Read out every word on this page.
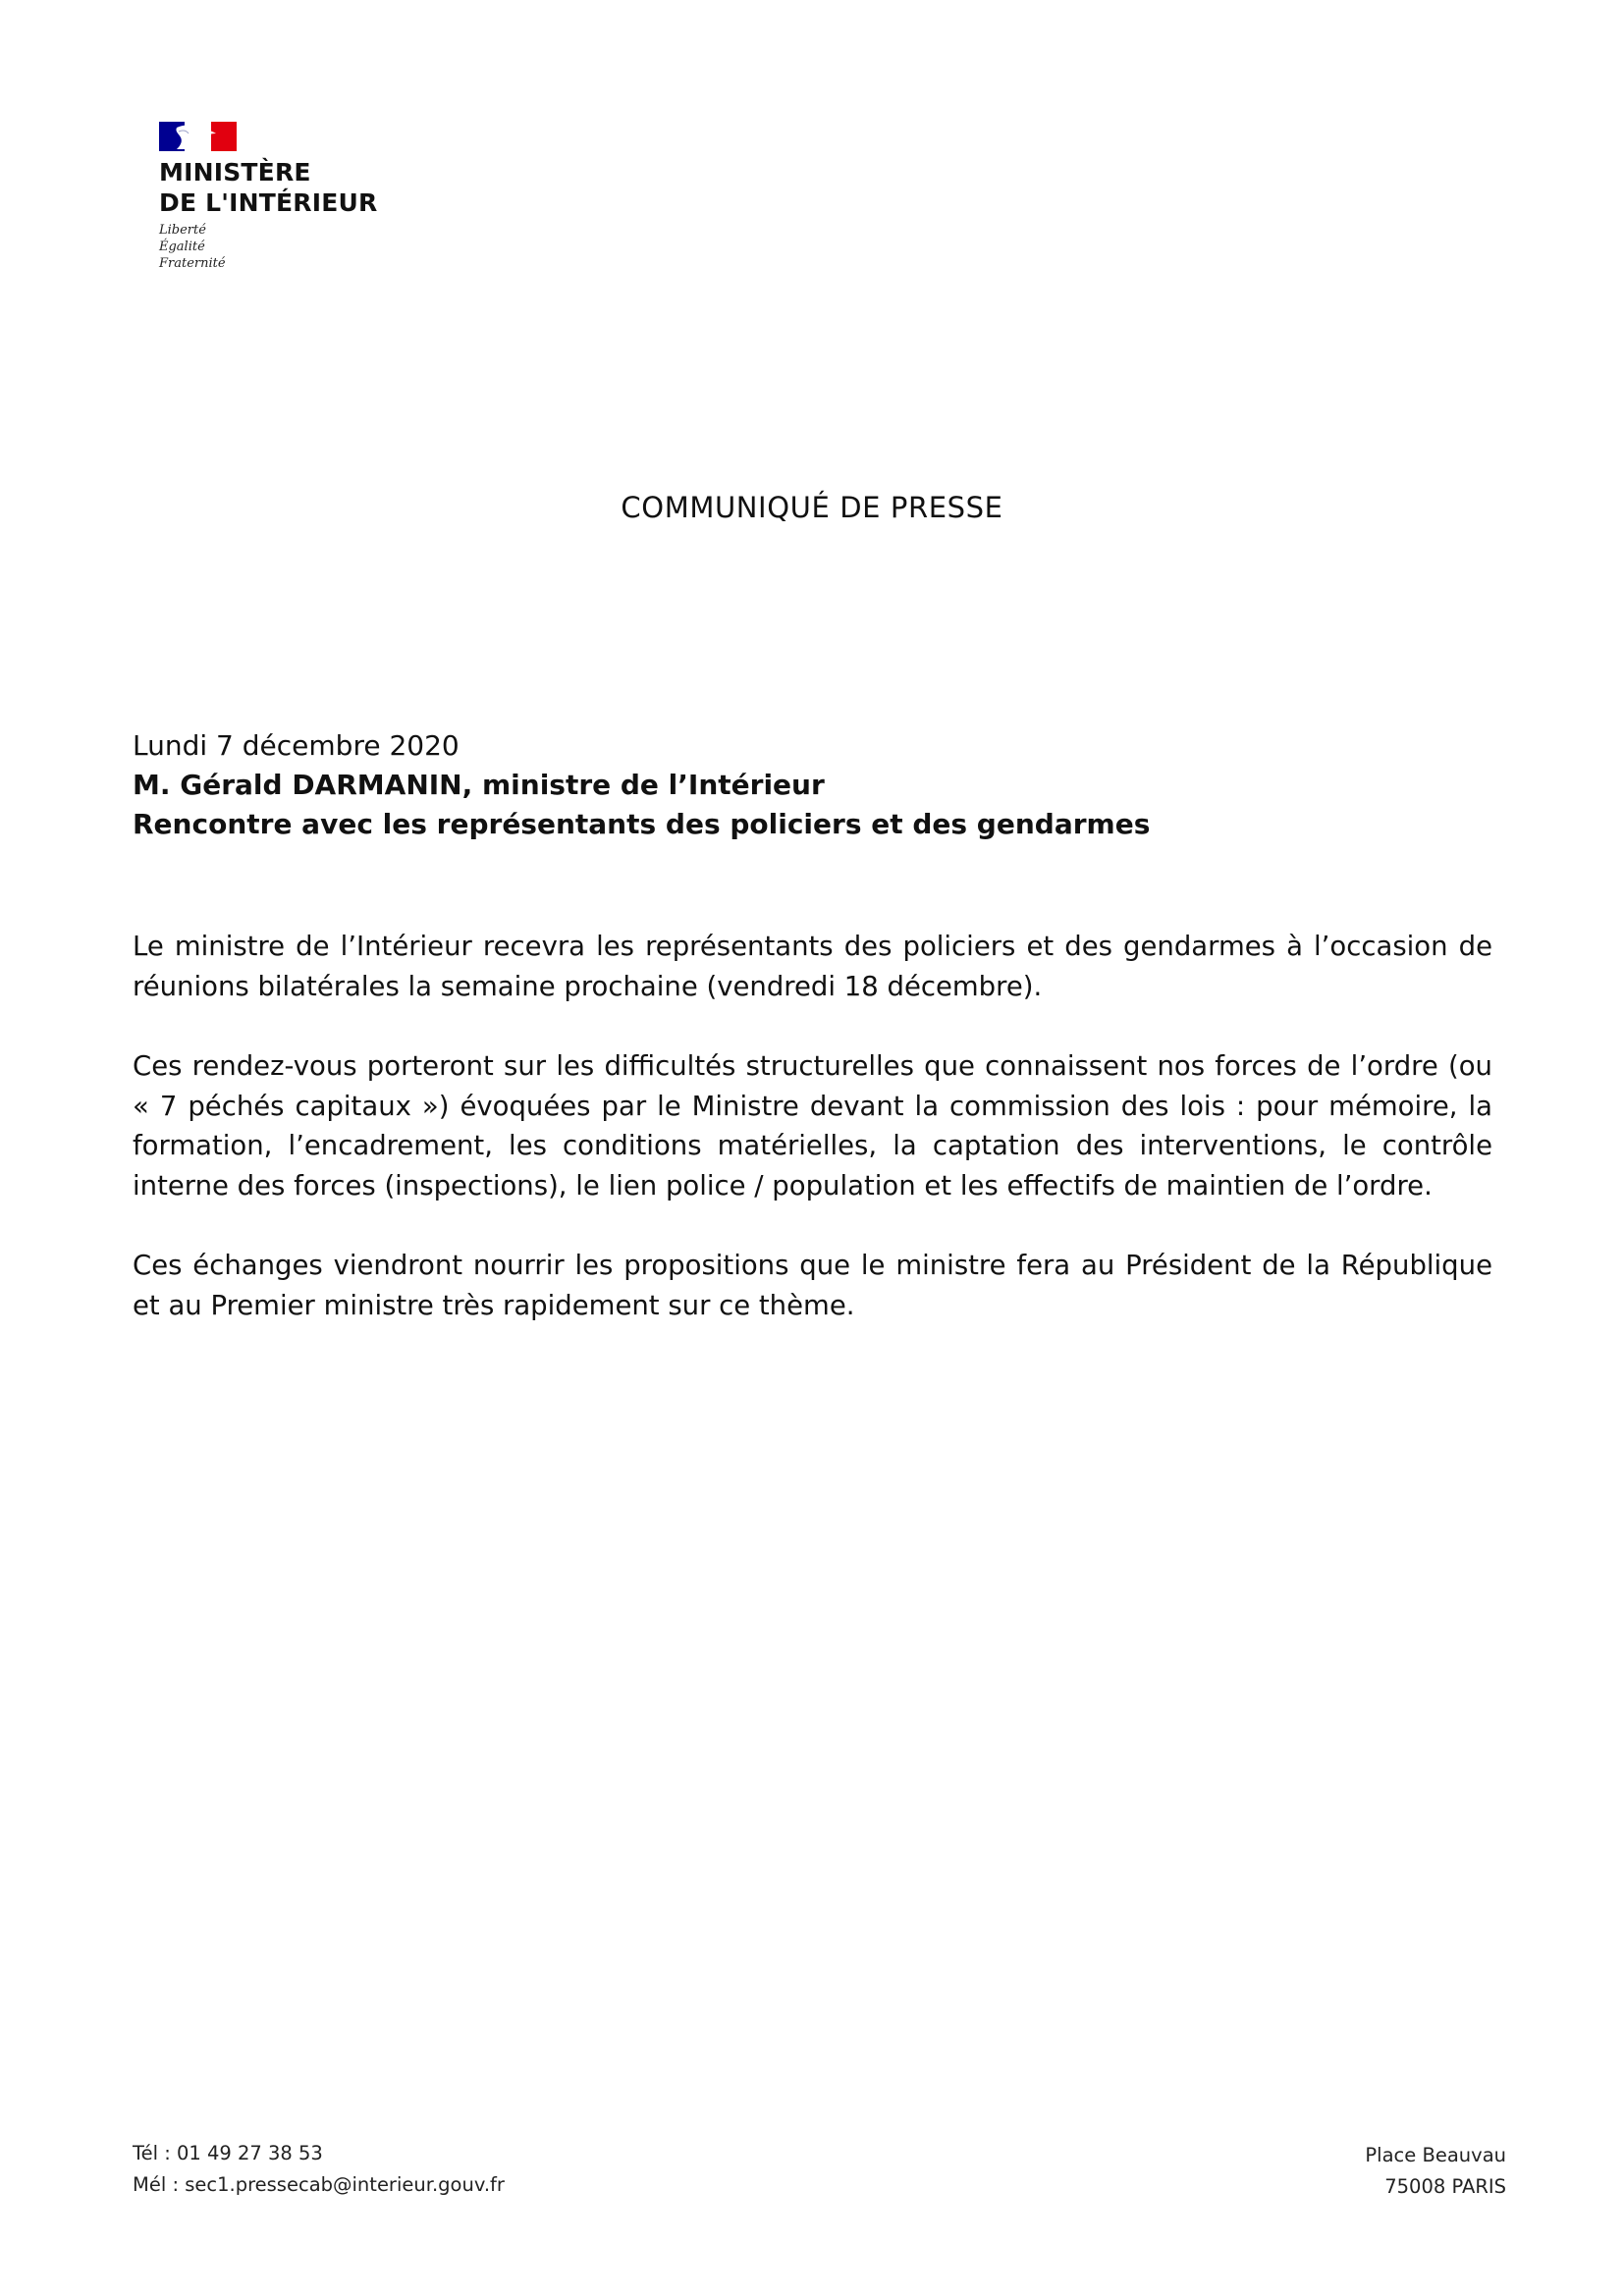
MINISTÈRE
DE L'INTÉRIEUR
Liberté
Égalité
Fraternité
COMMUNIQUÉ DE PRESSE
Lundi 7 décembre 2020
M. Gérald DARMANIN, ministre de l’Intérieur
Rencontre avec les représentants des policiers et des gendarmes

Le ministre de l’Intérieur recevra les représentants des policiers et des gendarmes à l’occasion de réunions bilatérales la semaine prochaine (vendredi 18 décembre).

Ces rendez-vous porteront sur les difficultés structurelles que connaissent nos forces de l’ordre (ou « 7 péchés capitaux ») évoquées par le Ministre devant la commission des lois : pour mémoire, la formation, l’encadrement, les conditions matérielles, la captation des interventions, le contrôle interne des forces (inspections), le lien police / population et les effectifs de maintien de l’ordre.

Ces échanges viendront nourrir les propositions que le ministre fera au Président de la République et au Premier ministre très rapidement sur ce thème.

Tél : 01 49 27 38 53
Mél : sec1.pressecab@interieur.gouv.fr
Place Beauvau
75008 PARIS
